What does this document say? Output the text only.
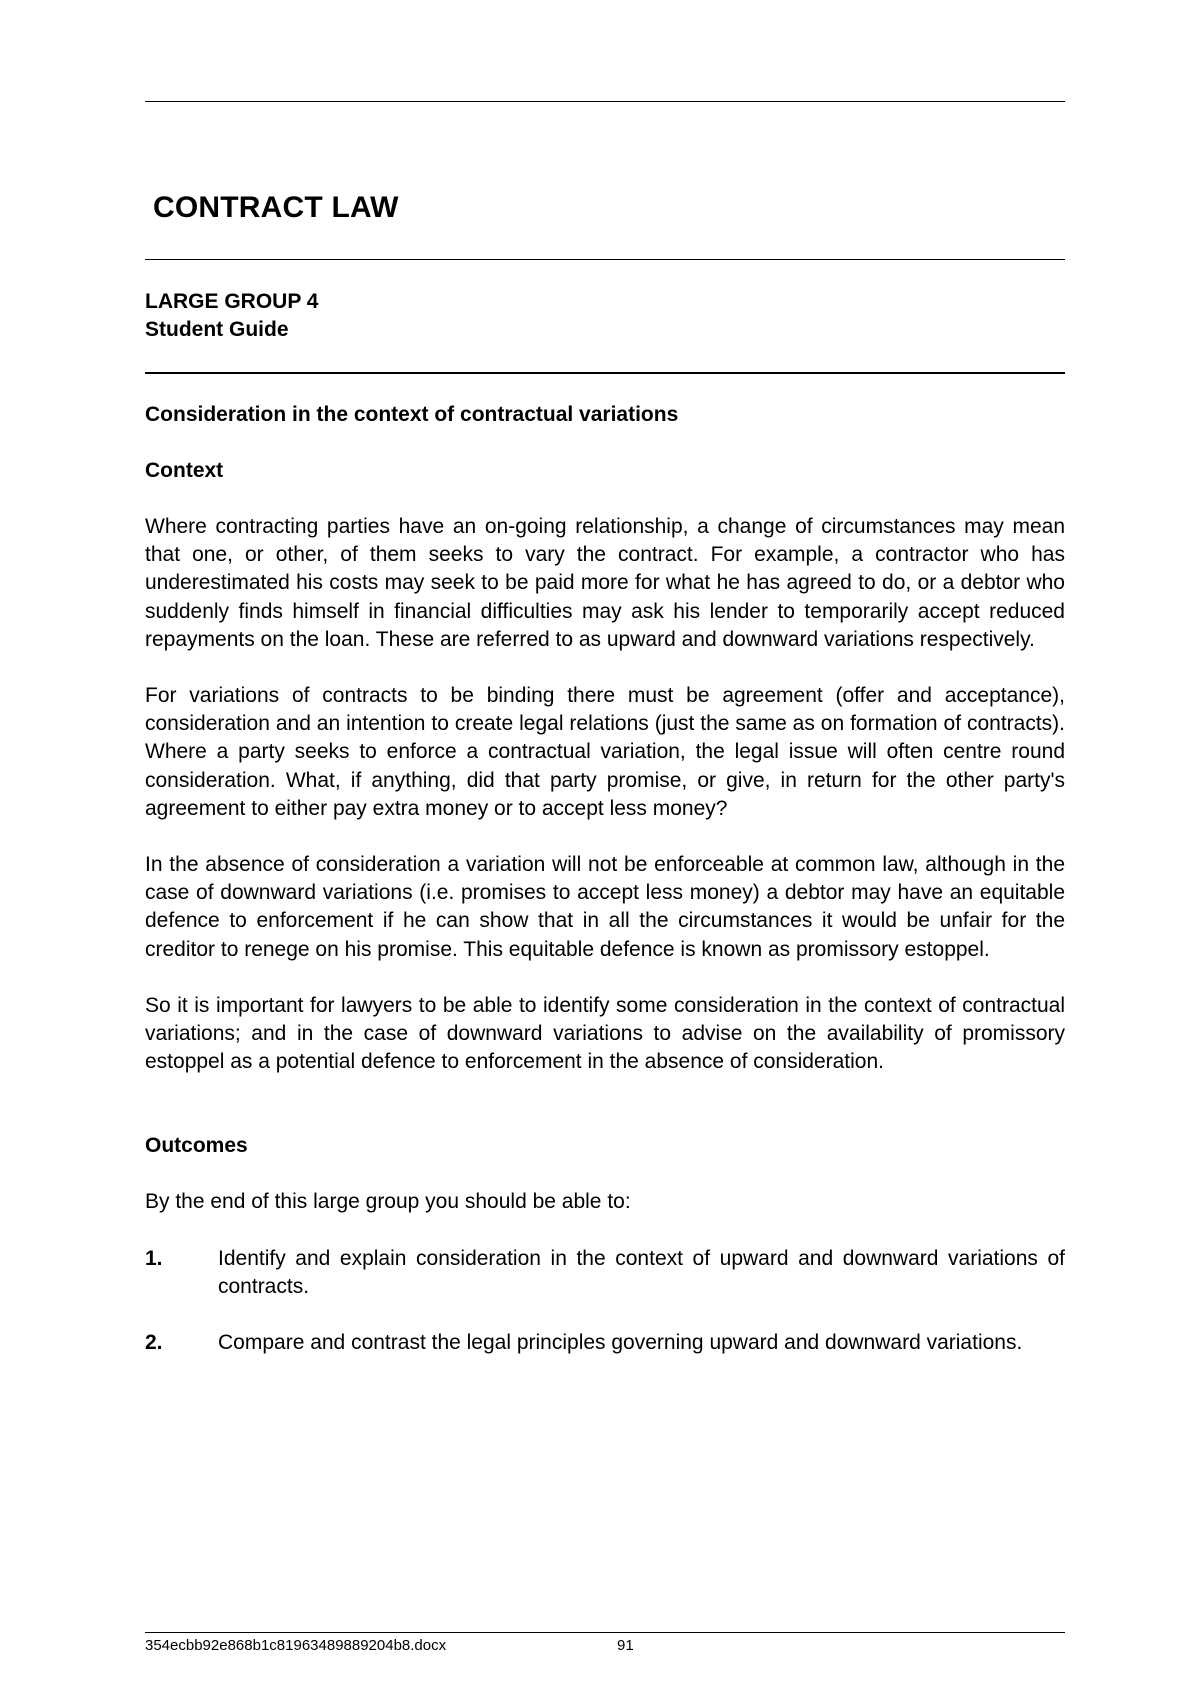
CONTRACT LAW

LARGE GROUP 4

Student Guide

Consideration in the context of contractual variations
Context

Where contracting parties have an on-going relationship, a change of circumstances may mean that one, or other, of them seeks to vary the contract. For example, a contractor who has underestimated his costs may seek to be paid more for what he has agreed to do, or a debtor who suddenly finds himself in financial difficulties may ask his lender to temporarily accept reduced repayments on the loan. These are referred to as upward and downward variations respectively.

For variations of contracts to be binding there must be agreement (offer and acceptance), consideration and an intention to create legal relations (just the same as on formation of contracts). Where a party seeks to enforce a contractual variation, the legal issue will often centre round consideration. What, if anything, did that party promise, or give, in return for the other party's agreement to either pay extra money or to accept less money?

In the absence of consideration a variation will not be enforceable at common law, although in the case of downward variations (i.e. promises to accept less money) a debtor may have an equitable defence to enforcement if he can show that in all the circumstances it would be unfair for the creditor to renege on his promise. This equitable defence is known as promissory estoppel.

So it is important for lawyers to be able to identify some consideration in the context of contractual variations; and in the case of downward variations to advise on the availability of promissory estoppel as a potential defence to enforcement in the absence of consideration.

Outcomes

By the end of this large group you should be able to:

1.	Identify and explain consideration in the context of upward and downward variations of contracts.
2.	Compare and contrast the legal principles governing upward and downward variations.
354ecbb92e868b1c81963489889204b8.docx	91
